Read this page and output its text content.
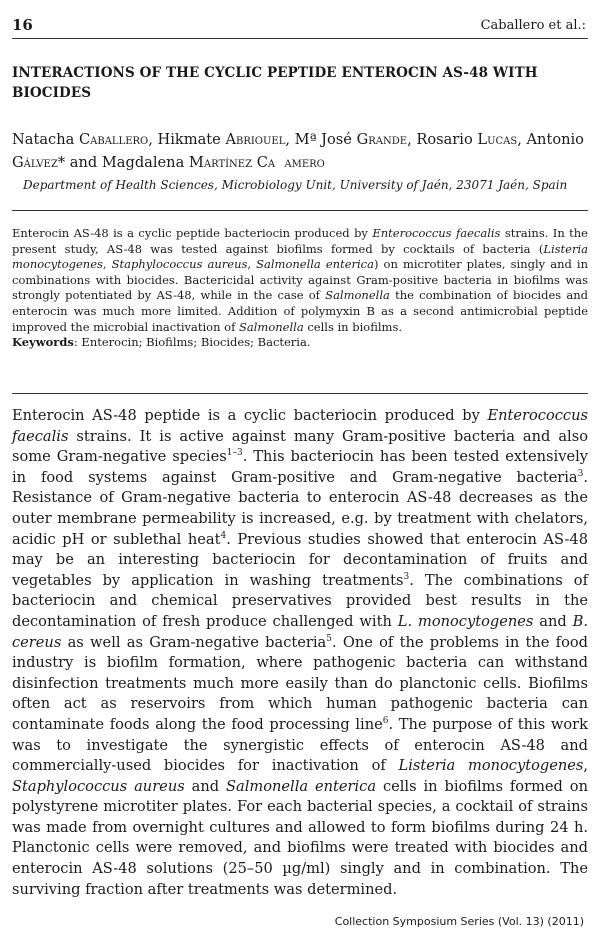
16	Caballero et al.:
INTERACTIONS OF THE CYCLIC PEPTIDE ENTEROCIN AS-48 WITH BIOCIDES
Natacha Caballero, Hikmate Abriouel, Mª José Grande, Rosario Lucas, Antonio Gálvez* and Magdalena Martínez Ca  amero
Department of Health Sciences, Microbiology Unit, University of Jaén, 23071 Jaén, Spain
Enterocin AS-48 is a cyclic peptide bacteriocin produced by Enterococcus faecalis strains. In the present study, AS-48 was tested against biofilms formed by cocktails of bacteria (Listeria monocytogenes, Staphylococcus aureus, Salmonella enterica) on microtiter plates, singly and in combinations with biocides. Bactericidal activity against Gram-positive bacteria in biofilms was strongly potentiated by AS-48, while in the case of Salmonella the combination of biocides and enterocin was much more limited. Addition of polymyxin B as a second antimicrobial peptide improved the microbial inactivation of Salmonella cells in biofilms.
Keywords: Enterocin; Biofilms; Biocides; Bacteria.
Enterocin AS-48 peptide is a cyclic bacteriocin produced by Enterococcus faecalis strains. It is active against many Gram-positive bacteria and also some Gram-negative species$^{1-3}$. This bacteriocin has been tested extensively in food systems against Gram-positive and Gram-negative bacteria$^3$. Resistance of Gram-negative bacteria to enterocin AS-48 decreases as the outer membrane permeability is increased, e.g. by treatment with chelators, acidic pH or sublethal heat$^4$. Previous studies showed that enterocin AS-48 may be an interesting bacteriocin for decontamination of fruits and vegetables by application in washing treatments$^3$. The combinations of bacteriocin and chemical preservatives provided best results in the decontamination of fresh produce challenged with L. monocytogenes and B. cereus as well as Gram-negative bacteria$^5$. One of the problems in the food industry is biofilm formation, where pathogenic bacteria can withstand disinfection treatments much more easily than do planctonic cells. Biofilms often act as reservoirs from which human pathogenic bacteria can contaminate foods along the food processing line$^6$. The purpose of this work was to investigate the synergistic effects of enterocin AS-48 and commercially-used biocides for inactivation of Listeria monocytogenes, Staphylococcus aureus and Salmonella enterica cells in biofilms formed on polystyrene microtiter plates. For each bacterial species, a cocktail of strains was made from overnight cultures and allowed to form biofilms during 24 h. Planctonic cells were removed, and biofilms were treated with biocides and enterocin AS-48 solutions (25–50 µg/ml) singly and in combination. The surviving fraction after treatments was determined.
Collection Symposium Series (Vol. 13) (2011)
